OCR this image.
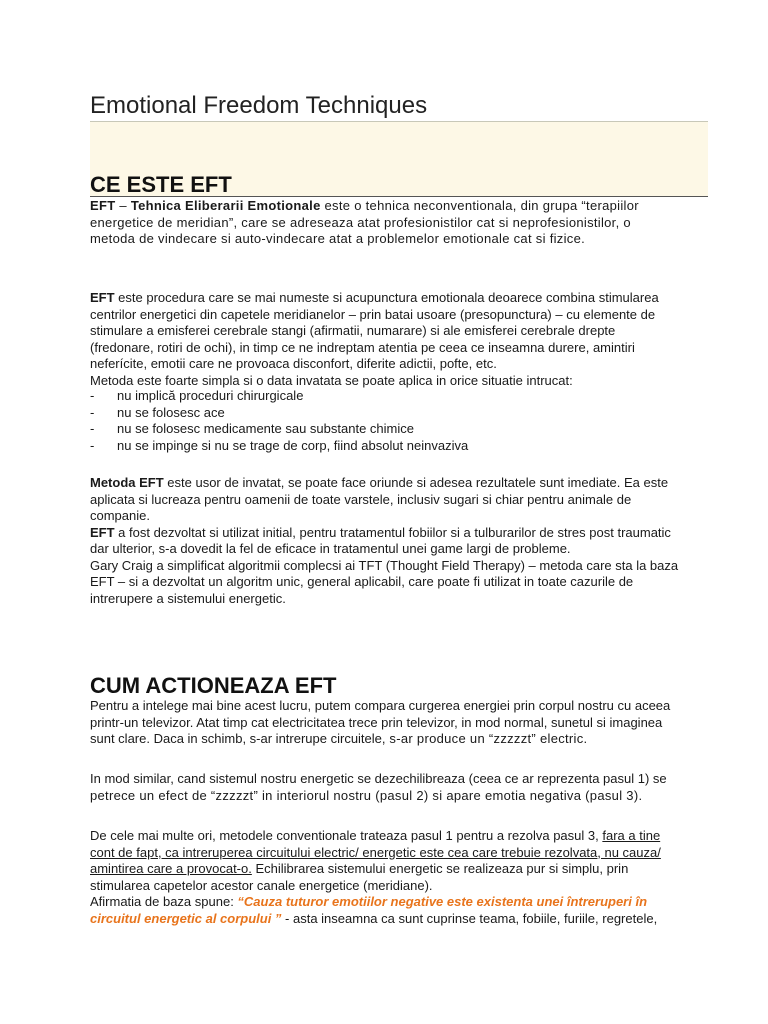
Emotional Freedom Techniques
CE ESTE EFT

EFT – Tehnica Eliberarii Emotionale este o tehnica neconventionala, din grupa “terapiilor energetice de meridian”, care se adreseaza atat profesionistilor cat si neprofesionistilor, o metoda de vindecare si auto-vindecare atat a problemelor emotionale cat si fizice.

EFT este procedura care se mai numeste si acupunctura emotionala deoarece combina stimularea centrilor energetici din capetele meridianelor – prin batai usoare (presopunctura) – cu elemente de stimulare a emisferei cerebrale stangi (afirmatii, numarare) si ale emisferei cerebrale drepte (fredonare, rotiri de ochi), in timp ce ne indreptam atentia pe ceea ce inseamna durere, amintiri neferícite, emotii care ne provoaca disconfort, diferite adictii, pofte, etc.
Metoda este foarte simpla si o data invatata se poate aplica in orice situatie intrucat:

- nu implică proceduri chirurgicale
- nu se folosesc ace
- nu se folosesc medicamente sau substante chimice
- nu se impinge si nu se trage de corp, fiind absolut neinvaziva

Metoda EFT este usor de invatat, se poate face oriunde si adesea rezultatele sunt imediate. Ea este aplicata si lucreaza pentru oamenii de toate varstele, inclusiv sugari si chiar pentru animale de companie.
EFT a fost dezvoltat si utilizat initial, pentru tratamentul fobiilor si a tulburarilor de stres post traumatic dar ulterior, s-a dovedit la fel de eficace in tratamentul unei game largi de probleme.
Gary Craig a simplificat algoritmii complecsi ai TFT (Thought Field Therapy) – metoda care sta la baza EFT – si a dezvoltat un algoritm unic, general aplicabil, care poate fi utilizat in toate cazurile de intrerupere a sistemului energetic.

CUM ACTIONEAZA EFT

Pentru a intelege mai bine acest lucru, putem compara curgerea energiei prin corpul nostru cu aceea printr-un televizor. Atat timp cat electricitatea trece prin televizor, in mod normal, sunetul si imaginea sunt clare. Daca in schimb, s-ar intrerupe circuitele, s-ar produce un “zzzzzt” electric.

In mod similar, cand sistemul nostru energetic se dezechilibreaza (ceea ce ar reprezenta pasul 1) se petrece un efect de “zzzzzt” in interiorul nostru (pasul 2) si apare emotia negativa (pasul 3).

De cele mai multe ori, metodele conventionale trateaza pasul 1 pentru a rezolva pasul 3, fara a tine cont de fapt, ca intreruperea circuitului electric/ energetic este cea care trebuie rezolvata, nu cauza/ amintirea care a provocat-o. Echilibrarea sistemului energetic se realizeaza pur si simplu, prin stimularea capetelor acestor canale energetice (meridiane).
Afirmatia de baza spune: “Cauza tuturor emotiilor negative este existenta unei întreruperi în circuitul energetic al corpului ” - asta inseamna ca sunt cuprinse teama, fobiile, furiile, regretele,
